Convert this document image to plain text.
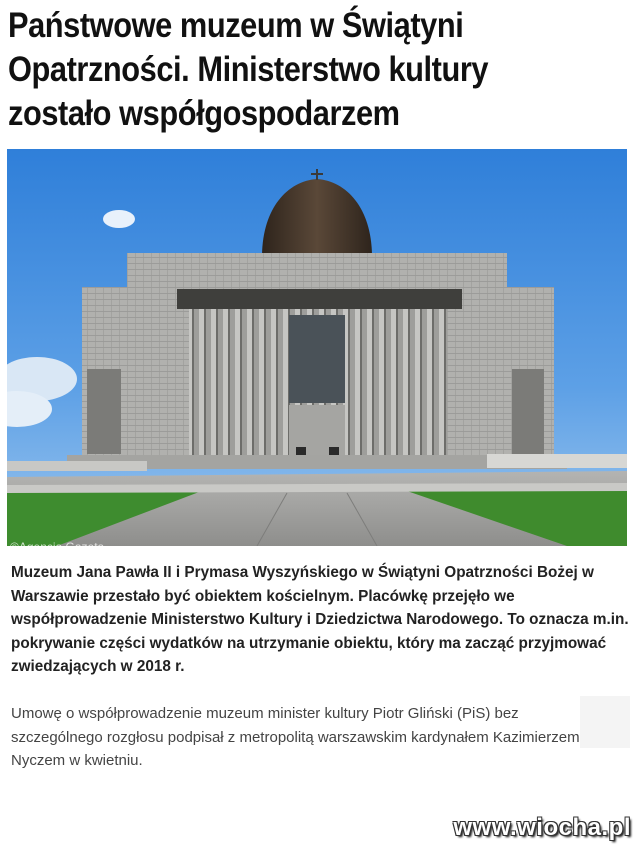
Państwowe muzeum w Świątyni
Opatrzności. Ministerstwo kultury
zostało współgospodarzem
©Agencja Gazeta
Muzeum Jana Pawła II i Prymasa Wyszyńskiego w Świątyni Opatrzności Bożej w Warszawie przestało być obiektem kościelnym. Placówkę przejęło we współprowadzenie Ministerstwo Kultury i Dziedzictwa Narodowego. To oznacza m.in. pokrywanie części wydatków na utrzymanie obiektu, który ma zacząć przyjmować zwiedzających w 2018 r.
Umowę o współprowadzenie muzeum minister kultury Piotr Gliński (PiS) bez szczególnego rozgłosu podpisał z metropolitą warszawskim kardynałem Kazimierzem Nyczem w kwietniu.
www.wiocha.pl
